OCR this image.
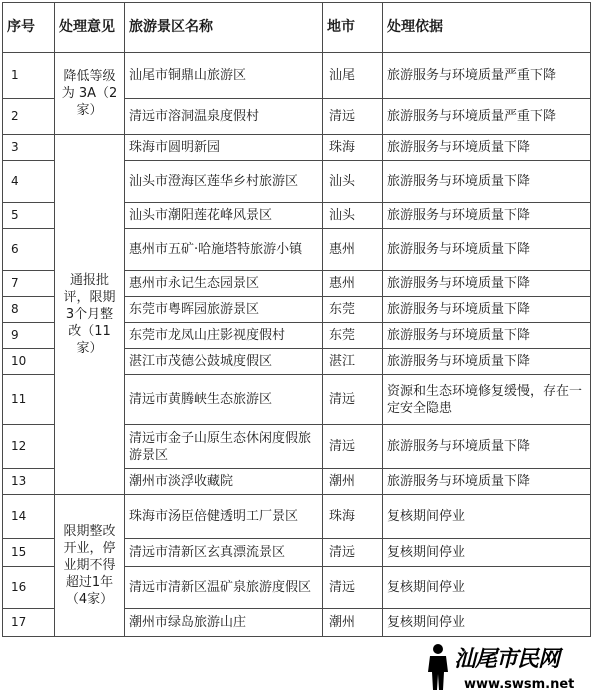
序号	处理意见	旅游景区名称	地市	处理依据
1	降低等级为 3A（2家）	汕尾市铜鼎山旅游区	汕尾	旅游服务与环境质量严重下降
2		清远市溶洞温泉度假村	清远	旅游服务与环境质量严重下降
3	通报批评，限期3个月整改（11家）	珠海市圆明新园	珠海	旅游服务与环境质量下降
4		汕头市澄海区莲华乡村旅游区	汕头	旅游服务与环境质量下降
5		汕头市潮阳莲花峰风景区	汕头	旅游服务与环境质量下降
6		惠州市五矿·哈施塔特旅游小镇	惠州	旅游服务与环境质量下降
7		惠州市永记生态园景区	惠州	旅游服务与环境质量下降
8		东莞市粤晖园旅游景区	东莞	旅游服务与环境质量下降
9		东莞市龙凤山庄影视度假村	东莞	旅游服务与环境质量下降
10		湛江市茂德公鼓城度假区	湛江	旅游服务与环境质量下降
11		清远市黄腾峡生态旅游区	清远	资源和生态环境修复缓慢，存在一定安全隐患
12		清远市金子山原生态休闲度假旅游景区	清远	旅游服务与环境质量下降
13		潮州市淡浮收藏院	潮州	旅游服务与环境质量下降
14	限期整改开业，停业期不得超过1年（4家）	珠海市汤臣倍健透明工厂景区	珠海	复核期间停业
15		清远市清新区玄真漂流景区	清远	复核期间停业
16		清远市清新区温矿泉旅游度假区	清远	复核期间停业
17		潮州市绿岛旅游山庄	潮州	复核期间停业
汕尾市民网
www.swsm.net
